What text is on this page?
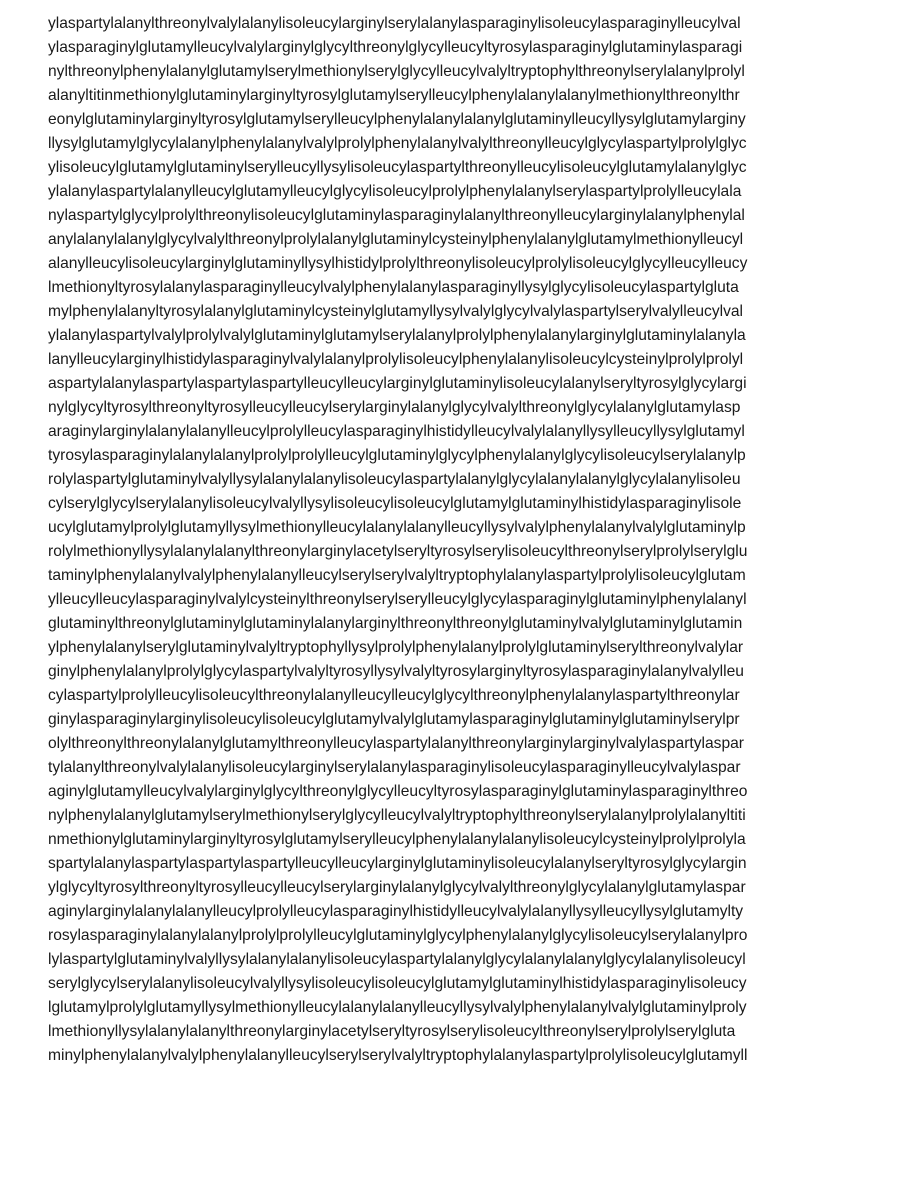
ylaspartylalanylthreonylvalylalanylisoleucylarginylserylalanylasparaginylisoleucylasparaginylleucylval
ylasparaginylglutamylleucylvalylarginylglycylthreonylglycylleucyltyrosylasparaginylglutaminylasparagi
nylthreonylphenylalanylglutamylserylmethionylserylglycylleucylvalyltryptophylthreonylserylalanylprolyl
alanyltitinmethionylglutaminylarginyltyrosylglutamylserylleucylphenylalanylalanylmethionylthreonylthr
eonylglutaminylarginyltyrosylglutamylserylleucylphenylalanylalanylglutaminylleucyllysylglutamylarginy
llysylglutamylglycylalanylphenylalanylvalylprolylphenylalanylvalylthreonylleucylglycylaspartylprolylglyc
ylisoleucylglutamylglutaminylserylleucyllysylisoleucylaspartylthreonylleucylisoleucylglutamylalanylglyc
ylalanylaspartylalanylleucylglutamylleucylglycylisoleucylprolylphenylalanylserylaspartylprolylleucylala
nylaspartylglycylprolylthreonylisoleucylglutaminylasparaginylalanylthreonylleucylarginylalanylphenylal
anylalanylalanylglycylvalylthreonylprolylalanylglutaminylcysteinylphenylalanylglutamylmethionylleucyl
alanylleucylisoleucylarginylglutaminyllysylhistidylprolylthreonylisoleucylprolylisoleucylglycylleucylleucy
lmethionyltyrosylalanylasparaginylleucylvalylphenylalanylasparaginyllysylglycylisoleucylaspartylgluta
mylphenylalanyltyrosylalanylglutaminylcysteinylglutamyllysylvalylglycylvalylaspartylserylvalylleucylval
ylalanylaspartylvalylprolylvalylglutaminylglutamylserylalanylprolylphenylalanylarginylglutaminylalanyla
lanylleucylarginylhistidylasparaginylvalylalanylprolylisoleucylphenylalanylisoleucylcysteinylprolylprolyl
aspartylalanylaspartylaspartylaspartylleucylleucylarginylglutaminylisoleucylalanylseryltyrosylglycylargi
nylglycyltyrosylthreonyltyrosylleucylleucylserylarginylalanylglycylvalylthreonylglycylalanylglutamylasp
araginylarginylalanylalanylleucylprolylleucylasparaginylhistidylleucylvalylalanyllysylleucyllysylglutamyl
tyrosylasparaginylalanylalanylprolylprolylleucylglutaminylglycylphenylalanylglycylisoleucylserylalanylp
rolylaspartylglutaminylvalyllysylalanylalanylisoleucylaspartylalanylglycylalanylalanylglycylalanylisoleu
cylserylglycylserylalanylisoleucylvalyllysylisoleucylisoleucylglutamylglutaminylhistidylasparaginylisole
ucylglutamylprolylglutamyllysylmethionylleucylalanylalanylleucyllysylvalylphenylalanylvalylglutaminylp
rolylmethionyllysylalanylalanylthreonylarginylacetylseryltyrosylserylisoleucylthreonylserylprolylserylglu
taminylphenylalanylvalylphenylalanylleucylserylserylvalyltryptophylalanylaspartylprolylisoleucylglutam
ylleucylleucylasparaginylvalylcysteinylthreonylserylserylleucylglycylasparaginylglutaminylphenylalanyl
glutaminylthreonylglutaminylglutaminylalanylarginylthreonylthreonylglutaminylvalylglutaminylglutamin
ylphenylalanylserylglutaminylvalyltryptophyllysylprolylphenylalanylprolylglutaminylserylthreonylvalylar
ginylphenylalanylprolylglycylaspartylvalyltyrosyllysylvalyltyrosylarginyltyrosylasparaginylalanylvalylleu
cylaspartylprolylleucylisoleucylthreonylalanylleucylleucylglycylthreonylphenylalanylaspartylthreonylar
ginylasparaginylarginylisoleucylisoleucylglutamylvalylglutamylasparaginylglutaminylglutaminylserylpr
olylthreonylthreonylalanylglutamylthreonylleucylaspartylalanylthreonylarginylarginylvalylaspartylaspar
tylalanylthreonylvalylalanylisoleucylarginylserylalanylasparaginylisoleucylasparaginylleucylvalylaspar
aginylglutamylleucylvalylarginylglycylthreonylglycylleucyltyrosylasparaginylglutaminylasparaginylthreo
nylphenylalanylglutamylserylmethionylserylglycylleucylvalyltryptophylthreonylserylalanylprolylalanyltiti
nmethionylglutaminylarginyltyrosylglutamylserylleucylphenylalanylalanylisoleucylcysteinylprolylprolyla
spartylalanylaspartylaspartylaspartylleucylleucylarginylglutaminylisoleucylalanylseryltyrosylglycylargin
ylglycyltyrosylthreonyltyrosylleucylleucylserylarginylalanylglycylvalylthreonylglycylalanylglutamylaspar
aginylarginylalanylalanylleucylprolylleucylasparaginylhistidylleucylvalylalanyllysylleucyllysylglutamylty
rosylasparaginylalanylalanylprolylprolylleucylglutaminylglycylphenylalanylglycylisoleucylserylalanylpro
lylaspartylglutaminylvalyllysylalanylalanylisoleucylaspartylalanylglycylalanylalanylglycylalanylisoleucyl
serylglycylserylalanylisoleucylvalyllysylisoleucylisoleucylglutamylglutaminylhistidylasparaginylisoleucy
lglutamylprolylglutamyllysylmethionylleucylalanylalanylleucyllysylvalylphenylalanylvalylglutaminylproly
lmethionyllysylalanylalanylthreonylarginylacetylseryltyrosylserylisoleucylthreonylserylprolylserylgluta
minylphenylalanylvalylphenylalanylleucylserylserylvalyltryptophylalanylaspartylprolylisoleucylglutamyll
